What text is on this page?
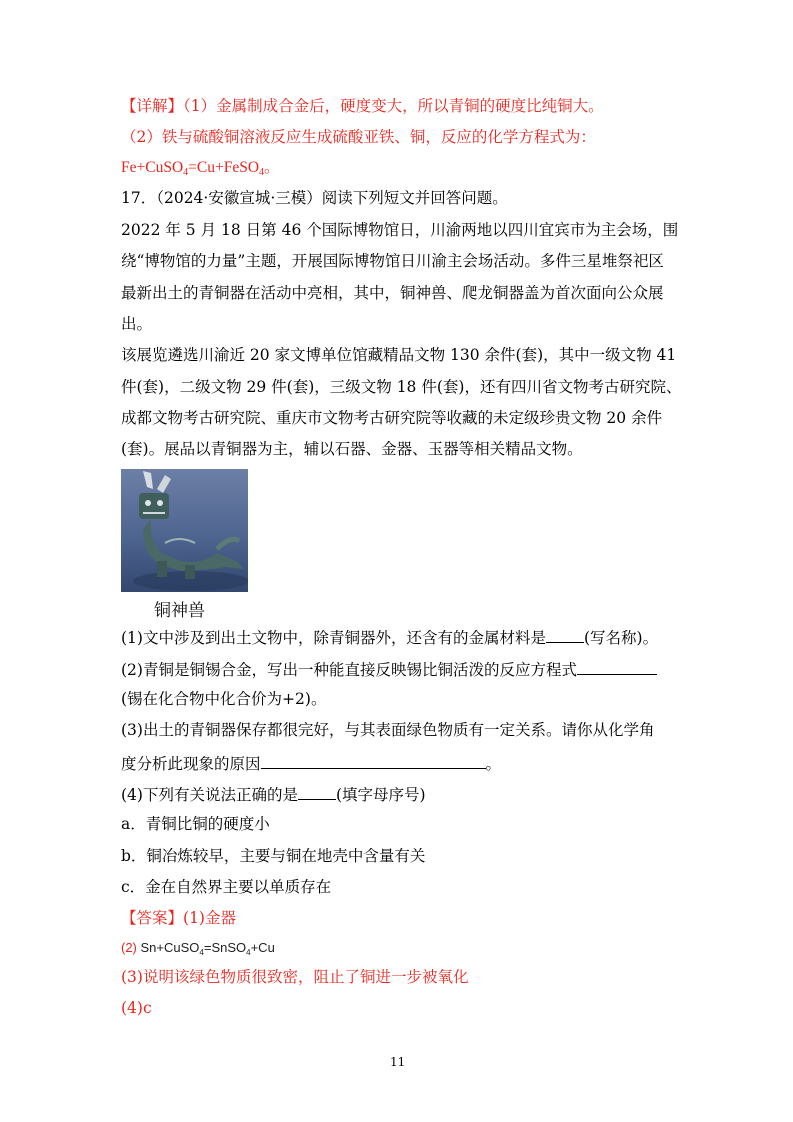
【详解】（1）金属制成合金后，硬度变大，所以青铜的硬度比纯铜大。
（2）铁与硫酸铜溶液反应生成硫酸亚铁、铜，反应的化学方程式为：
Fe+CuSO$_4$=Cu+FeSO$_4$。
17．（2024·安徽宣城·三模）阅读下列短文并回答问题。
2022 年 5 月 18 日第 46 个国际博物馆日，川渝两地以四川宜宾市为主会场，围
绕“博物馆的力量”主题，开展国际博物馆日川渝主会场活动。多件三星堆祭祀区
最新出土的青铜器在活动中亮相，其中，铜神兽、爬龙铜器盖为首次面向公众展
出。
该展览遴选川渝近 20 家文博单位馆藏精品文物 130 余件(套)，其中一级文物 41
件(套)，二级文物 29 件(套)，三级文物 18 件(套)，还有四川省文物考古研究院、
成都文物考古研究院、重庆市文物考古研究院等收藏的未定级珍贵文物 20 余件
(套)。展品以青铜器为主，辅以石器、金器、玉器等相关精品文物。
铜神兽
(1)文中涉及到出土文物中，除青铜器外，还含有的金属材料是 (写名称)。
(2)青铜是铜锡合金，写出一种能直接反映锡比铜活泼的反应方程式
(锡在化合物中化合价为+2)。
(3)出土的青铜器保存都很完好，与其表面绿色物质有一定关系。请你从化学角
度分析此现象的原因	。
(4)下列有关说法正确的是 (填字母序号)
a．青铜比铜的硬度小
b．铜冶炼较早，主要与铜在地壳中含量有关
c．金在自然界主要以单质存在
【答案】(1)金器
(2) Sn+CuSO$_4$=SnSO$_4$+Cu
(3)说明该绿色物质很致密，阻止了铜进一步被氧化
(4)c
11
